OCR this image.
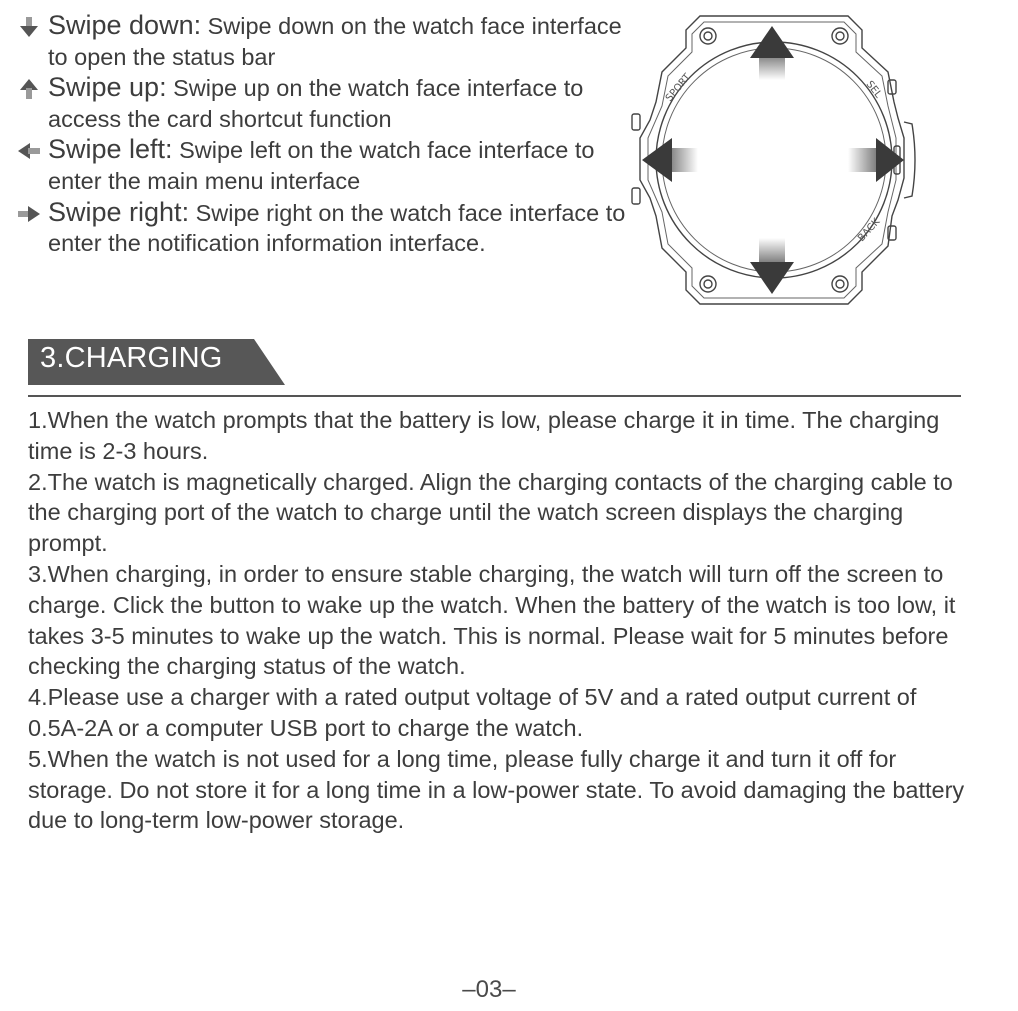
Swipe down: Swipe down on the watch face interface to open the status bar
Swipe up: Swipe up on the watch face interface to access the card shortcut function
Swipe left: Swipe left on the watch face interface to enter the main menu interface
Swipe right: Swipe right on the watch face interface to enter the notification information interface.
SPORT	SEL
BACK
3.CHARGING

1.When the watch prompts that the battery is low, please charge it in time. The charging time is 2-3 hours.

2.The watch is magnetically charged. Align the charging contacts of the charging cable to the charging port of the watch to charge until the watch screen displays the charging prompt.

3.When charging, in order to ensure stable charging, the watch will turn off the screen to charge. Click the button to wake up the watch. When the battery of the watch is too low, it takes 3-5 minutes to wake up the watch. This is normal. Please wait for 5 minutes before checking the charging status of the watch.

4.Please use a charger with a rated output voltage of 5V and a rated output current of 0.5A-2A or a computer USB port to charge the watch.

5.When the watch is not used for a long time, please fully charge it and turn it off for storage. Do not store it for a long time in a low-power state. To avoid damaging the battery due to long-term low-power storage.

–03–
